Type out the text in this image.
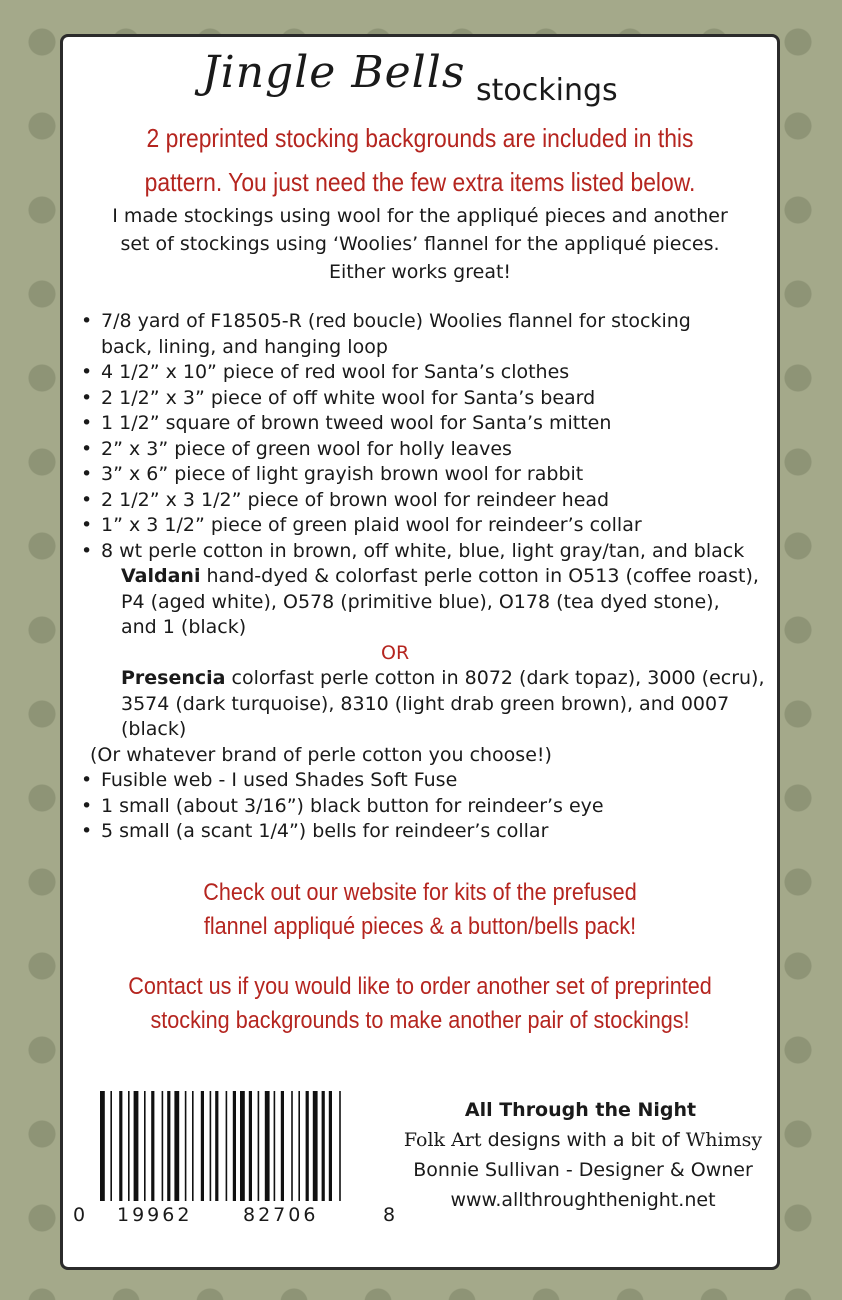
Jingle Bells stockings
2 preprinted stocking backgrounds are included in this
pattern. You just need the few extra items listed below.
I made stockings using wool for the appliqué pieces and another
set of stockings using ‘Woolies’ flannel for the appliqué pieces.
Either works great!
• 7/8 yard of F18505-R (red boucle) Woolies flannel for stocking
back, lining, and hanging loop
• 4 1/2” x 10” piece of red wool for Santa’s clothes
• 2 1/2” x 3” piece of off white wool for Santa’s beard
• 1 1/2” square of brown tweed wool for Santa’s mitten
• 2” x 3” piece of green wool for holly leaves
• 3” x 6” piece of light grayish brown wool for rabbit
• 2 1/2” x 3 1/2” piece of brown wool for reindeer head
• 1” x 3 1/2” piece of green plaid wool for reindeer’s collar
• 8 wt perle cotton in brown, off white, blue, light gray/tan, and black
Valdani hand-dyed & colorfast perle cotton in O513 (coffee roast),
P4 (aged white), O578 (primitive blue), O178 (tea dyed stone),
and 1 (black)
OR
Presencia colorfast perle cotton in 8072 (dark topaz), 3000 (ecru),
3574 (dark turquoise), 8310 (light drab green brown), and 0007
(black)
(Or whatever brand of perle cotton you choose!)
• Fusible web - I used Shades Soft Fuse
• 1 small (about 3/16”) black button for reindeer’s eye
• 5 small (a scant 1/4”) bells for reindeer’s collar
Check out our website for kits of the prefused
flannel appliqué pieces & a button/bells pack!
Contact us if you would like to order another set of preprinted
stocking backgrounds to make another pair of stockings!
0 19962	82706	8
All Through the Night
Folk Art designs with a bit of Whimsy
Bonnie Sullivan - Designer & Owner
www.allthroughthenight.net
